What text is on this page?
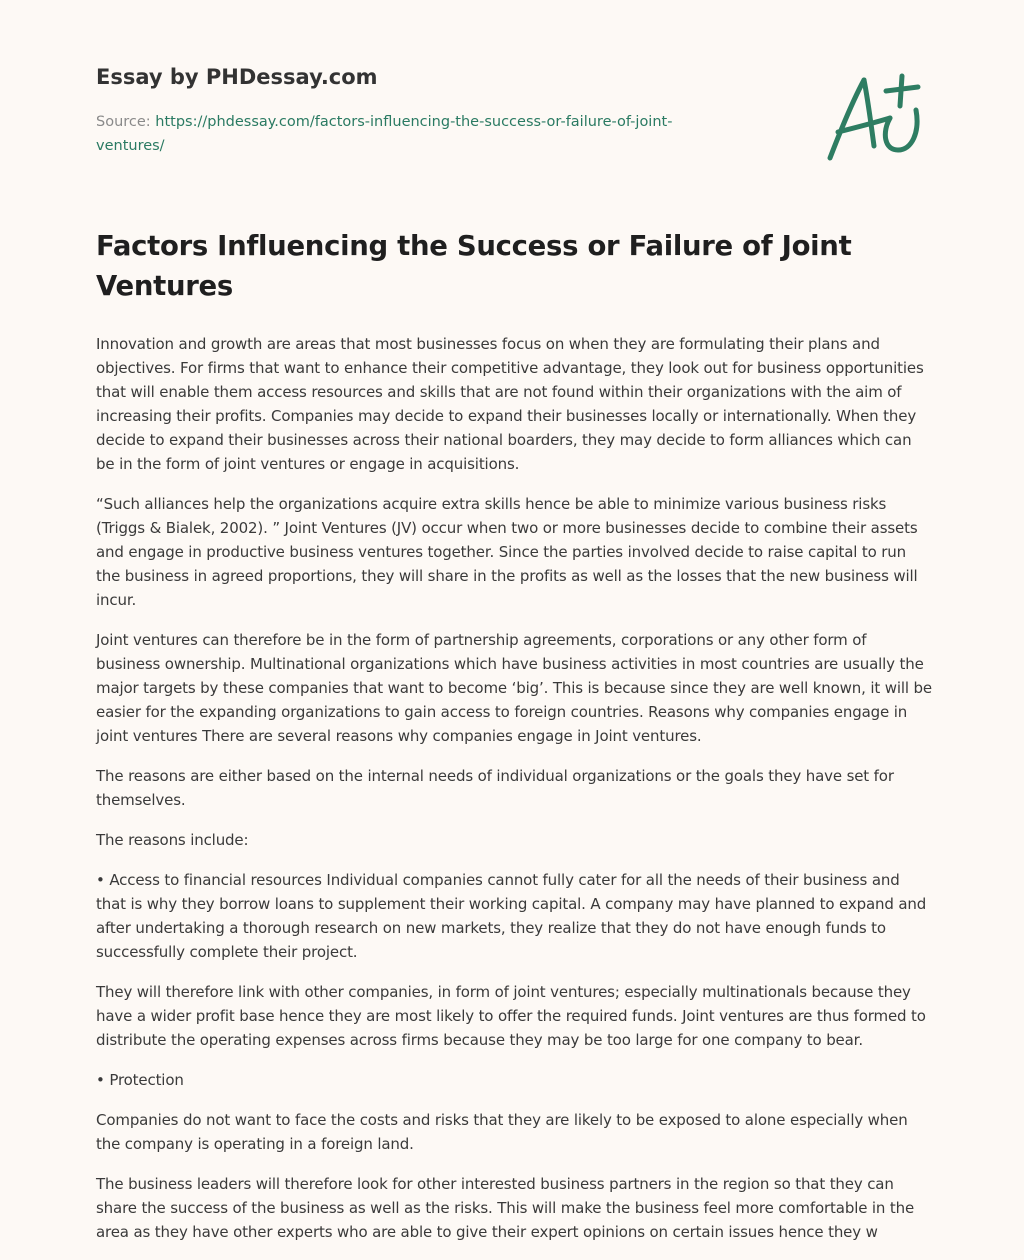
Essay by PHDessay.com
Source: https://phdessay.com/factors-influencing-the-success-or-failure-of-joint-ventures/
Factors Influencing the Success or Failure of Joint Ventures

Innovation and growth are areas that most businesses focus on when they are formulating their plans and objectives. For firms that want to enhance their competitive advantage, they look out for business opportunities that will enable them access resources and skills that are not found within their organizations with the aim of increasing their profits. Companies may decide to expand their businesses locally or internationally. When they decide to expand their businesses across their national boarders, they may decide to form alliances which can be in the form of joint ventures or engage in acquisitions.

“Such alliances help the organizations acquire extra skills hence be able to minimize various business risks (Triggs & Bialek, 2002). ” Joint Ventures (JV) occur when two or more businesses decide to combine their assets and engage in productive business ventures together. Since the parties involved decide to raise capital to run the business in agreed proportions, they will share in the profits as well as the losses that the new business will incur.

Joint ventures can therefore be in the form of partnership agreements, corporations or any other form of business ownership. Multinational organizations which have business activities in most countries are usually the major targets by these companies that want to become ‘big’. This is because since they are well known, it will be easier for the expanding organizations to gain access to foreign countries. Reasons why companies engage in joint ventures There are several reasons why companies engage in Joint ventures.

The reasons are either based on the internal needs of individual organizations or the goals they have set for themselves.

The reasons include:

• Access to financial resources Individual companies cannot fully cater for all the needs of their business and that is why they borrow loans to supplement their working capital. A company may have planned to expand and after undertaking a thorough research on new markets, they realize that they do not have enough funds to successfully complete their project.

They will therefore link with other companies, in form of joint ventures; especially multinationals because they have a wider profit base hence they are most likely to offer the required funds. Joint ventures are thus formed to distribute the operating expenses across firms because they may be too large for one company to bear.

• Protection

Companies do not want to face the costs and risks that they are likely to be exposed to alone especially when the company is operating in a foreign land.

The business leaders will therefore look for other interested business partners in the region so that they can share the success of the business as well as the risks. This will make the business feel more comfortable in the area as they have other experts who are able to give their expert opinions on certain issues hence they w
